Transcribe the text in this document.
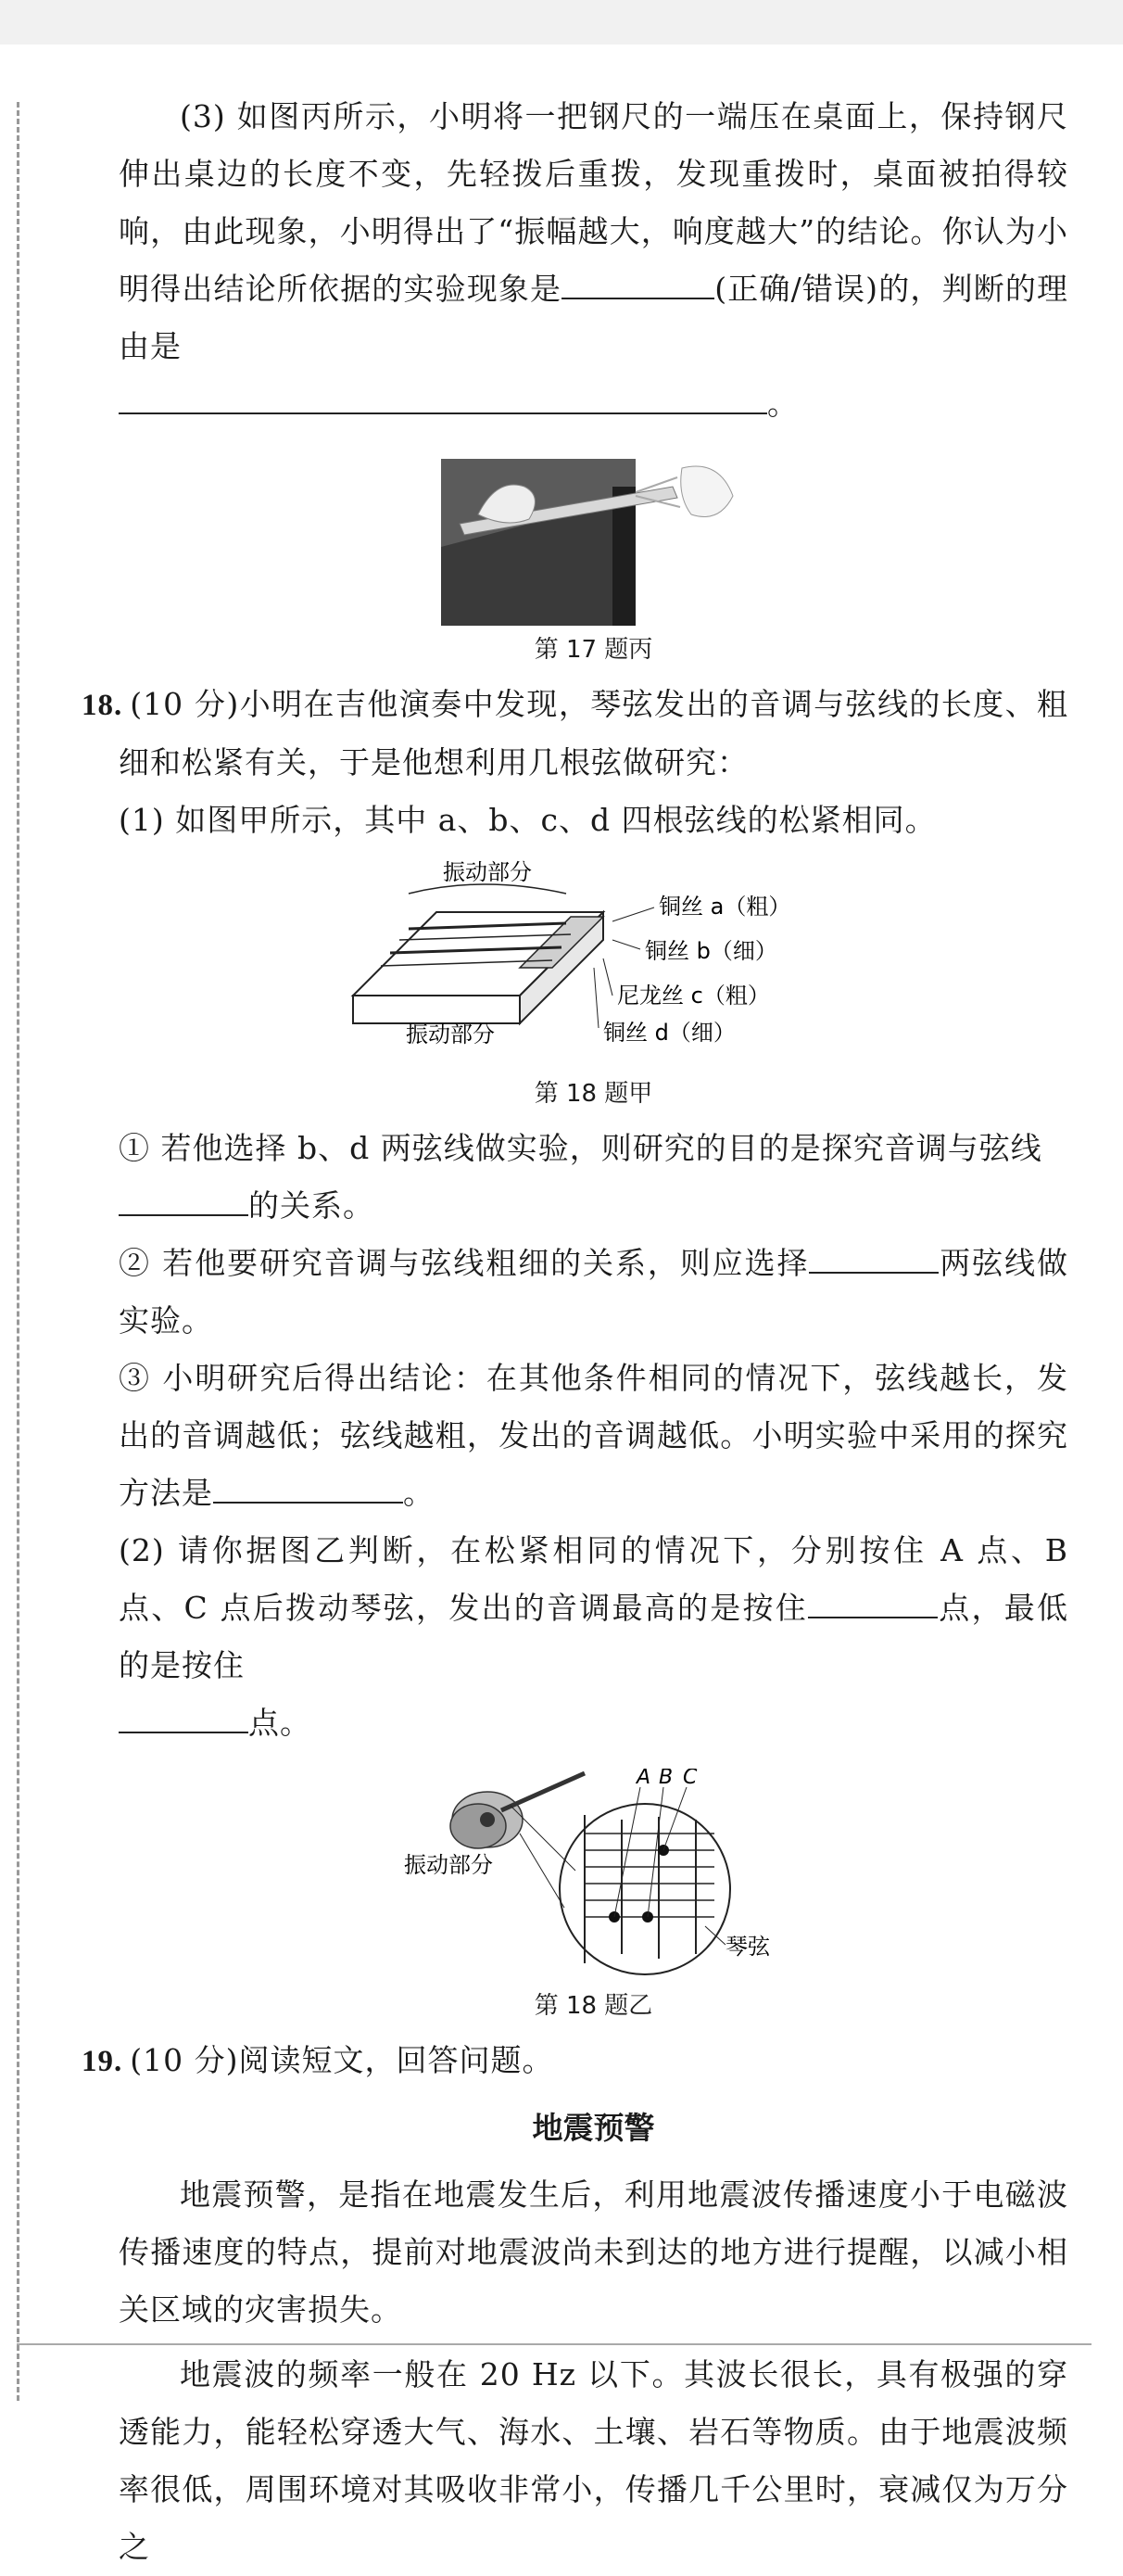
(3) 如图丙所示，小明将一把钢尺的一端压在桌面上，保持钢尺伸出桌边的长度不变，先轻拨后重拨，发现重拨时，桌面被拍得较响，由此现象，小明得出了“振幅越大，响度越大”的结论。你认为小明得出结论所依据的实验现象是	(正确/错误)的，判断的理由是

。

第 17 题丙

18. (10 分)小明在吉他演奏中发现，琴弦发出的音调与弦线的长度、粗细和松紧有关，于是他想利用几根弦做研究：

(1) 如图甲所示，其中 a、b、c、d 四根弦线的松紧相同。

振动部分
振动部分
铜丝 a（粗）
铜丝 b（细）
尼龙丝 c（粗）
铜丝 d（细）

第 18 题甲

① 若他选择 b、d 两弦线做实验，则研究的目的是探究音调与弦线
的关系。

② 若他要研究音调与弦线粗细的关系，则应选择	两弦线做实验。

③ 小明研究后得出结论：在其他条件相同的情况下，弦线越长，发出的音调越低；弦线越粗，发出的音调越低。小明实验中采用的探究方法是	。

(2) 请你据图乙判断，在松紧相同的情况下，分别按住 A 点、B 点、C 点后拨动琴弦，发出的音调最高的是按住	点，最低的是按住
点。

A B C
振动部分
琴弦

第 18 题乙

19. (10 分)阅读短文，回答问题。

地震预警

地震预警，是指在地震发生后，利用地震波传播速度小于电磁波传播速度的特点，提前对地震波尚未到达的地方进行提醒，以减小相关区域的灾害损失。

地震波的频率一般在 20 Hz 以下。其波长很长，具有极强的穿透能力，能轻松穿透大气、海水、土壤、岩石等物质。由于地震波频率很低，周围环境对其吸收非常小，传播几千公里时，衰减仅为万分之
